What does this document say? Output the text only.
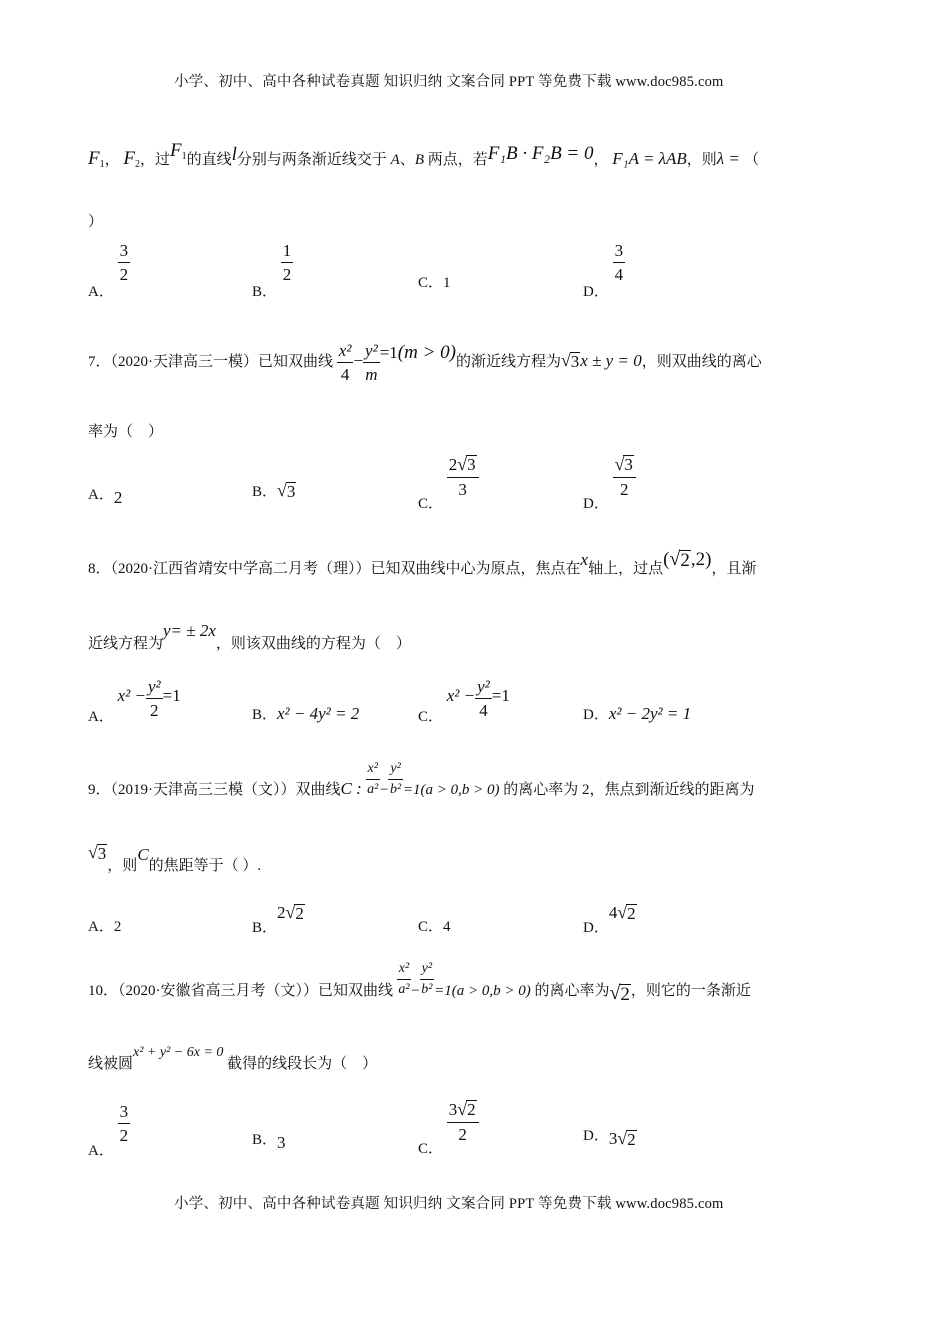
小学、初中、高中各种试卷真题 知识归纳 文案合同 PPT 等免费下载 www.doc985.com
$F_1$， $F_2$，过$F_1$的直线l分别与两条渐近线交于 A、B 两点，若F₁B · F₂B = 0， F₁A = λAB，则λ = （
）
A．
$\frac{3}{2}$
B．
$\frac{1}{2}$	C．1
D．
$\frac{3}{4}$
7．（2020·天津高三一模）已知双曲线 $\frac{\text{x²}}{4} - \frac{\text{y²}}{m} =1(m > 0)$的渐近线方程为 √ 3 x ± y = 0，则双曲线的离心
率为（　）
A．2	B． √ 3
C．
$\frac{2 √ 3}{3}$
D．
$\frac{√ 3}{2}$
8．（2020·江西省靖安中学高二月考（理））已知双曲线中心为原点，焦点在x轴上，过点( √ 2 ,2)，且渐
近线方程为y= ± 2x，则该双曲线的方程为（　）
A． $x^2 - \frac{\text{y²}}{2} =1$
B．x² − 4y² = 2	C． $x^2 - \frac{\text{y²}}{4} =1$
D．x² − 2y² = 1
9．（2019·天津高三三模（文））双曲线C : $\frac{\text{x²}}{\text{a²}} - \frac{\text{y²}}{\text{b²}} =1(a > 0,b > 0)$ 的离心率为 2，焦点到渐近线的距离为
√ 3
，则C的焦距等于（ ）.
A．2	B．2 √ 2
C．4	D．4 √ 2
10．（2020·安徽省高三月考（文））已知双曲线 $\frac{\text{x²}}{\text{a²}} - \frac{\text{y²}}{\text{b²}} =1(a > 0,b > 0)$ 的离心率为 √ 2 ，则它的一条渐近
线被圆x² + y² − 6x = 0 截得的线段长为（　）
A．
$\frac{3}{2}$	B．3	C．
$\frac{3 √ 2}{2}$	D．3 √ 2
小学、初中、高中各种试卷真题 知识归纳 文案合同 PPT 等免费下载 www.doc985.com
